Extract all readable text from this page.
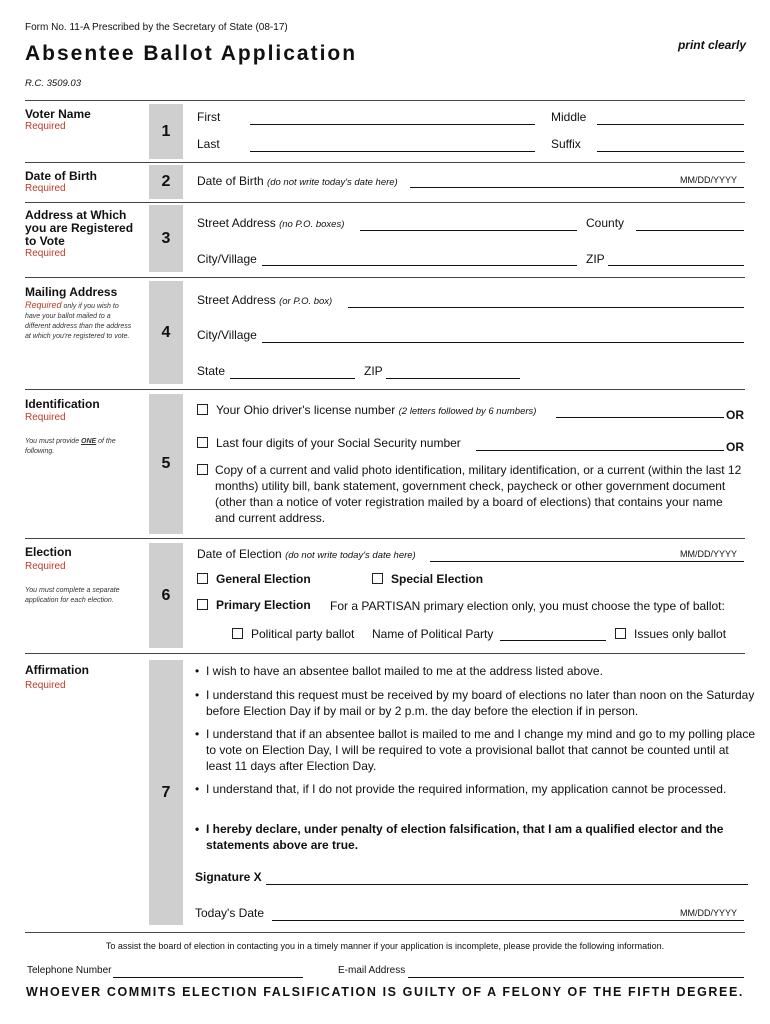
Form No. 11-A Prescribed by the Secretary of State (08-17)
Absentee Ballot Application	print clearly
R.C. 3509.03
1
Voter Name
Required
First	Middle
Last	Suffix
2
Date of Birth
Required
Date of Birth (do not write today's date here)	MM/DD/YYYY
3
Address at Which you are Registered to Vote
Required
Street Address (no P.O. boxes)	County
City/Village	ZIP
4
Mailing Address
Required only if you wish to have your ballot mailed to a different address than the address at which you're registered to vote.
Street Address (or P.O. box)
City/Village
State	ZIP
5
Identification
Required
You must provide ONE of the following.
Your Ohio driver's license number (2 letters followed by 6 numbers)	OR
Last four digits of your Social Security number	OR
Copy of a current and valid photo identification, military identification, or a current (within the last 12 months) utility bill, bank statement, government check, paycheck or other government document (other than a notice of voter registration mailed by a board of elections) that contains your name and current address.
6
Election
Required
You must complete a separate application for each election.
Date of Election (do not write today's date here)	MM/DD/YYYY
General Election	Special Election
Primary Election For a PARTISAN primary election only, you must choose the type of ballot:
Political party ballot Name of Political Party	Issues only ballot
7
Affirmation
Required
• I wish to have an absentee ballot mailed to me at the address listed above.
• I understand this request must be received by my board of elections no later than noon on the Saturday before Election Day if by mail or by 2 p.m. the day before the election if in person.
• I understand that if an absentee ballot is mailed to me and I change my mind and go to my polling place to vote on Election Day, I will be required to vote a provisional ballot that cannot be counted until at least 11 days after Election Day.
• I understand that, if I do not provide the required information, my application cannot be processed.
• I hereby declare, under penalty of election falsification, that I am a qualified elector and the statements above are true.
Signature X
Today's Date	MM/DD/YYYY
To assist the board of election in contacting you in a timely manner if your application is incomplete, please provide the following information.
Telephone Number	E-mail Address
WHOEVER COMMITS ELECTION FALSIFICATION IS GUILTY OF A FELONY OF THE FIFTH DEGREE.
